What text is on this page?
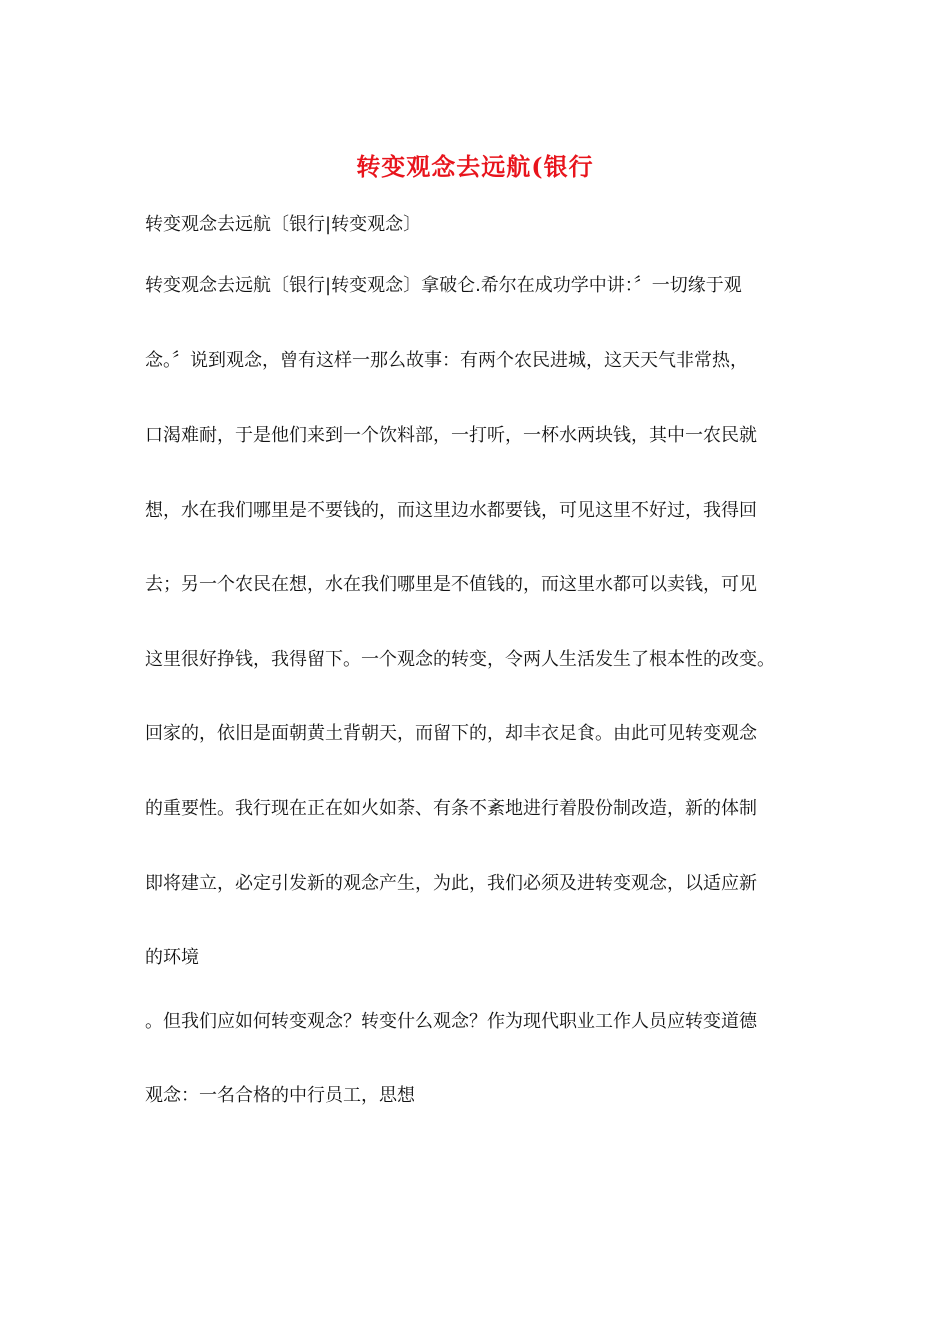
转变观念去远航(银行
转变观念去远航〔银行|转变观念〕
转变观念去远航〔银行|转变观念〕拿破仑.希尔在成功学中讲：〞一切缘于观
念。〞说到观念，曾有这样一那么故事：有两个农民进城，这天天气非常热，
口渴难耐，于是他们来到一个饮料部，一打听，一杯水两块钱，其中一农民就
想，水在我们哪里是不要钱的，而这里边水都要钱，可见这里不好过，我得回
去；另一个农民在想，水在我们哪里是不值钱的，而这里水都可以卖钱，可见
这里很好挣钱，我得留下。一个观念的转变，令两人生活发生了根本性的改变。
回家的，依旧是面朝黄土背朝天，而留下的，却丰衣足食。由此可见转变观念
的重要性。我行现在正在如火如荼、有条不紊地进行着股份制改造，新的体制
即将建立，必定引发新的观念产生，为此，我们必须及进转变观念，以适应新
的环境
。但我们应如何转变观念？转变什么观念？作为现代职业工作人员应转变道德
观念：一名合格的中行员工，思想
